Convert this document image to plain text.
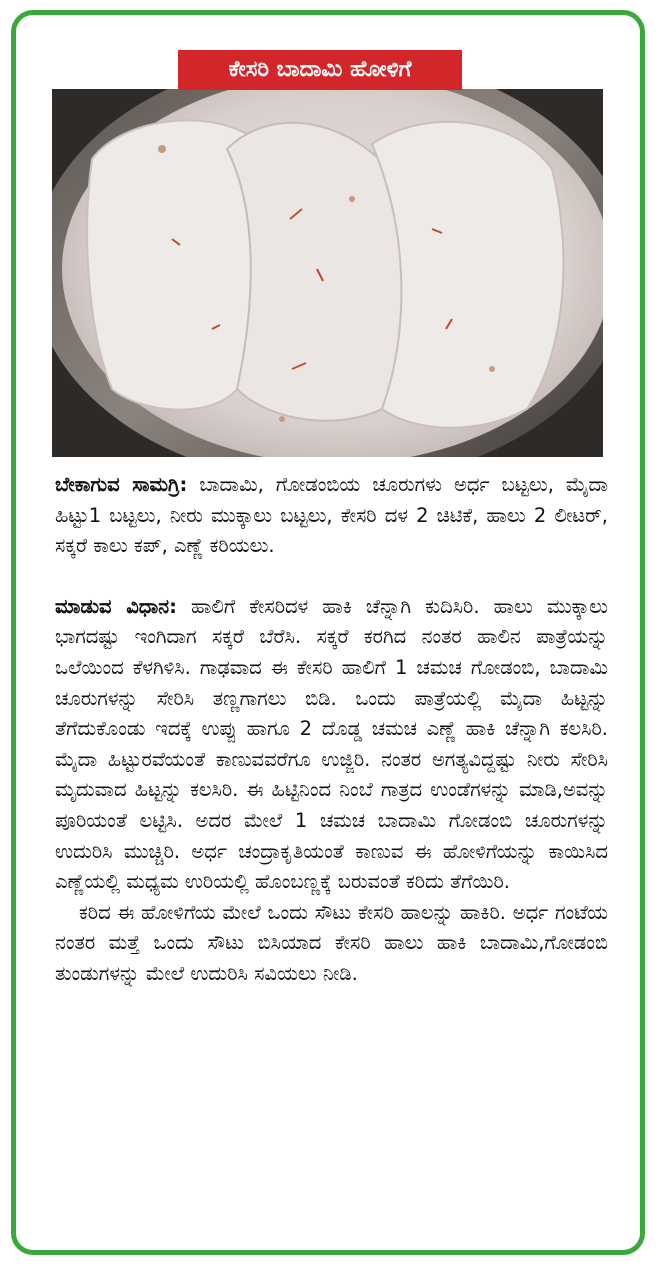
ಕೇಸರಿ ಬಾದಾಮಿ ಹೋಳಿಗೆ

ಬೇಕಾಗುವ ಸಾಮಗ್ರಿ: ಬಾದಾಮಿ, ಗೋಡಂಬಿಯ ಚೂರುಗಳು ಅರ್ಧ ಬಟ್ಟಲು, ಮೈದಾ ಹಿಟ್ಟು1 ಬಟ್ಟಲು, ನೀರು ಮುಕ್ಕಾಲು ಬಟ್ಟಲು, ಕೇಸರಿ ದಳ 2 ಚಿಟಿಕೆ, ಹಾಲು 2 ಲೀಟರ್, ಸಕ್ಕರೆ ಕಾಲು ಕಪ್, ಎಣ್ಣೆ ಕರಿಯಲು.

ಮಾಡುವ ವಿಧಾನ: ಹಾಲಿಗೆ ಕೇಸರಿದಳ ಹಾಕಿ ಚೆನ್ನಾಗಿ ಕುದಿಸಿರಿ. ಹಾಲು ಮುಕ್ಕಾಲು ಭಾಗದಷ್ಟು ಇಂಗಿದಾಗ ಸಕ್ಕರೆ ಬೆರೆಸಿ. ಸಕ್ಕರೆ ಕರಗಿದ ನಂತರ ಹಾಲಿನ ಪಾತ್ರೆಯನ್ನು ಒಲೆಯಿಂದ ಕೆಳಗಿಳಿಸಿ. ಗಾಢವಾದ ಈ ಕೇಸರಿ ಹಾಲಿಗೆ 1 ಚಮಚ ಗೋಡಂಬಿ, ಬಾದಾಮಿ ಚೂರುಗಳನ್ನು ಸೇರಿಸಿ ತಣ್ಣಗಾಗಲು ಬಿಡಿ. ಒಂದು ಪಾತ್ರೆಯಲ್ಲಿ ಮೈದಾ ಹಿಟ್ಟನ್ನು ತೆಗೆದುಕೊಂಡು ಇದಕ್ಕೆ ಉಪ್ಪು ಹಾಗೂ 2 ದೊಡ್ಡ ಚಮಚ ಎಣ್ಣೆ ಹಾಕಿ ಚೆನ್ನಾಗಿ ಕಲಸಿರಿ. ಮೈದಾ ಹಿಟ್ಟುರವೆಯಂತೆ ಕಾಣುವವರೆಗೂ ಉಜ್ಜಿರಿ. ನಂತರ ಅಗತ್ಯವಿದ್ದಷ್ಟು ನೀರು ಸೇರಿಸಿ ಮೃದುವಾದ ಹಿಟ್ಟನ್ನು ಕಲಸಿರಿ. ಈ ಹಿಟ್ಟಿನಿಂದ ನಿಂಬೆ ಗಾತ್ರದ ಉಂಡೆಗಳನ್ನು ಮಾಡಿ,ಅವನ್ನು ಪೂರಿಯಂತೆ ಲಟ್ಟಿಸಿ. ಅದರ ಮೇಲೆ 1 ಚಮಚ ಬಾದಾಮಿ ಗೋಡಂಬಿ ಚೂರುಗಳನ್ನು ಉದುರಿಸಿ ಮುಚ್ಚಿರಿ. ಅರ್ಧ ಚಂದ್ರಾಕೃತಿಯಂತೆ ಕಾಣುವ ಈ ಹೋಳಿಗೆಯನ್ನು ಕಾಯಿಸಿದ ಎಣ್ಣೆಯಲ್ಲಿ ಮಧ್ಯಮ ಉರಿಯಲ್ಲಿ ಹೊಂಬಣ್ಣಕ್ಕೆ ಬರುವಂತೆ ಕರಿದು ತೆಗೆಯಿರಿ.

ಕರಿದ ಈ ಹೋಳಿಗೆಯ ಮೇಲೆ ಒಂದು ಸೌಟು ಕೇಸರಿ ಹಾಲನ್ನು ಹಾಕಿರಿ. ಅರ್ಧ ಗಂಟೆಯ ನಂತರ ಮತ್ತೆ ಒಂದು ಸೌಟು ಬಿಸಿಯಾದ ಕೇಸರಿ ಹಾಲು ಹಾಕಿ ಬಾದಾಮಿ,ಗೋಡಂಬಿ ತುಂಡುಗಳನ್ನು ಮೇಲೆ ಉದುರಿಸಿ ಸವಿಯಲು ನೀಡಿ.
